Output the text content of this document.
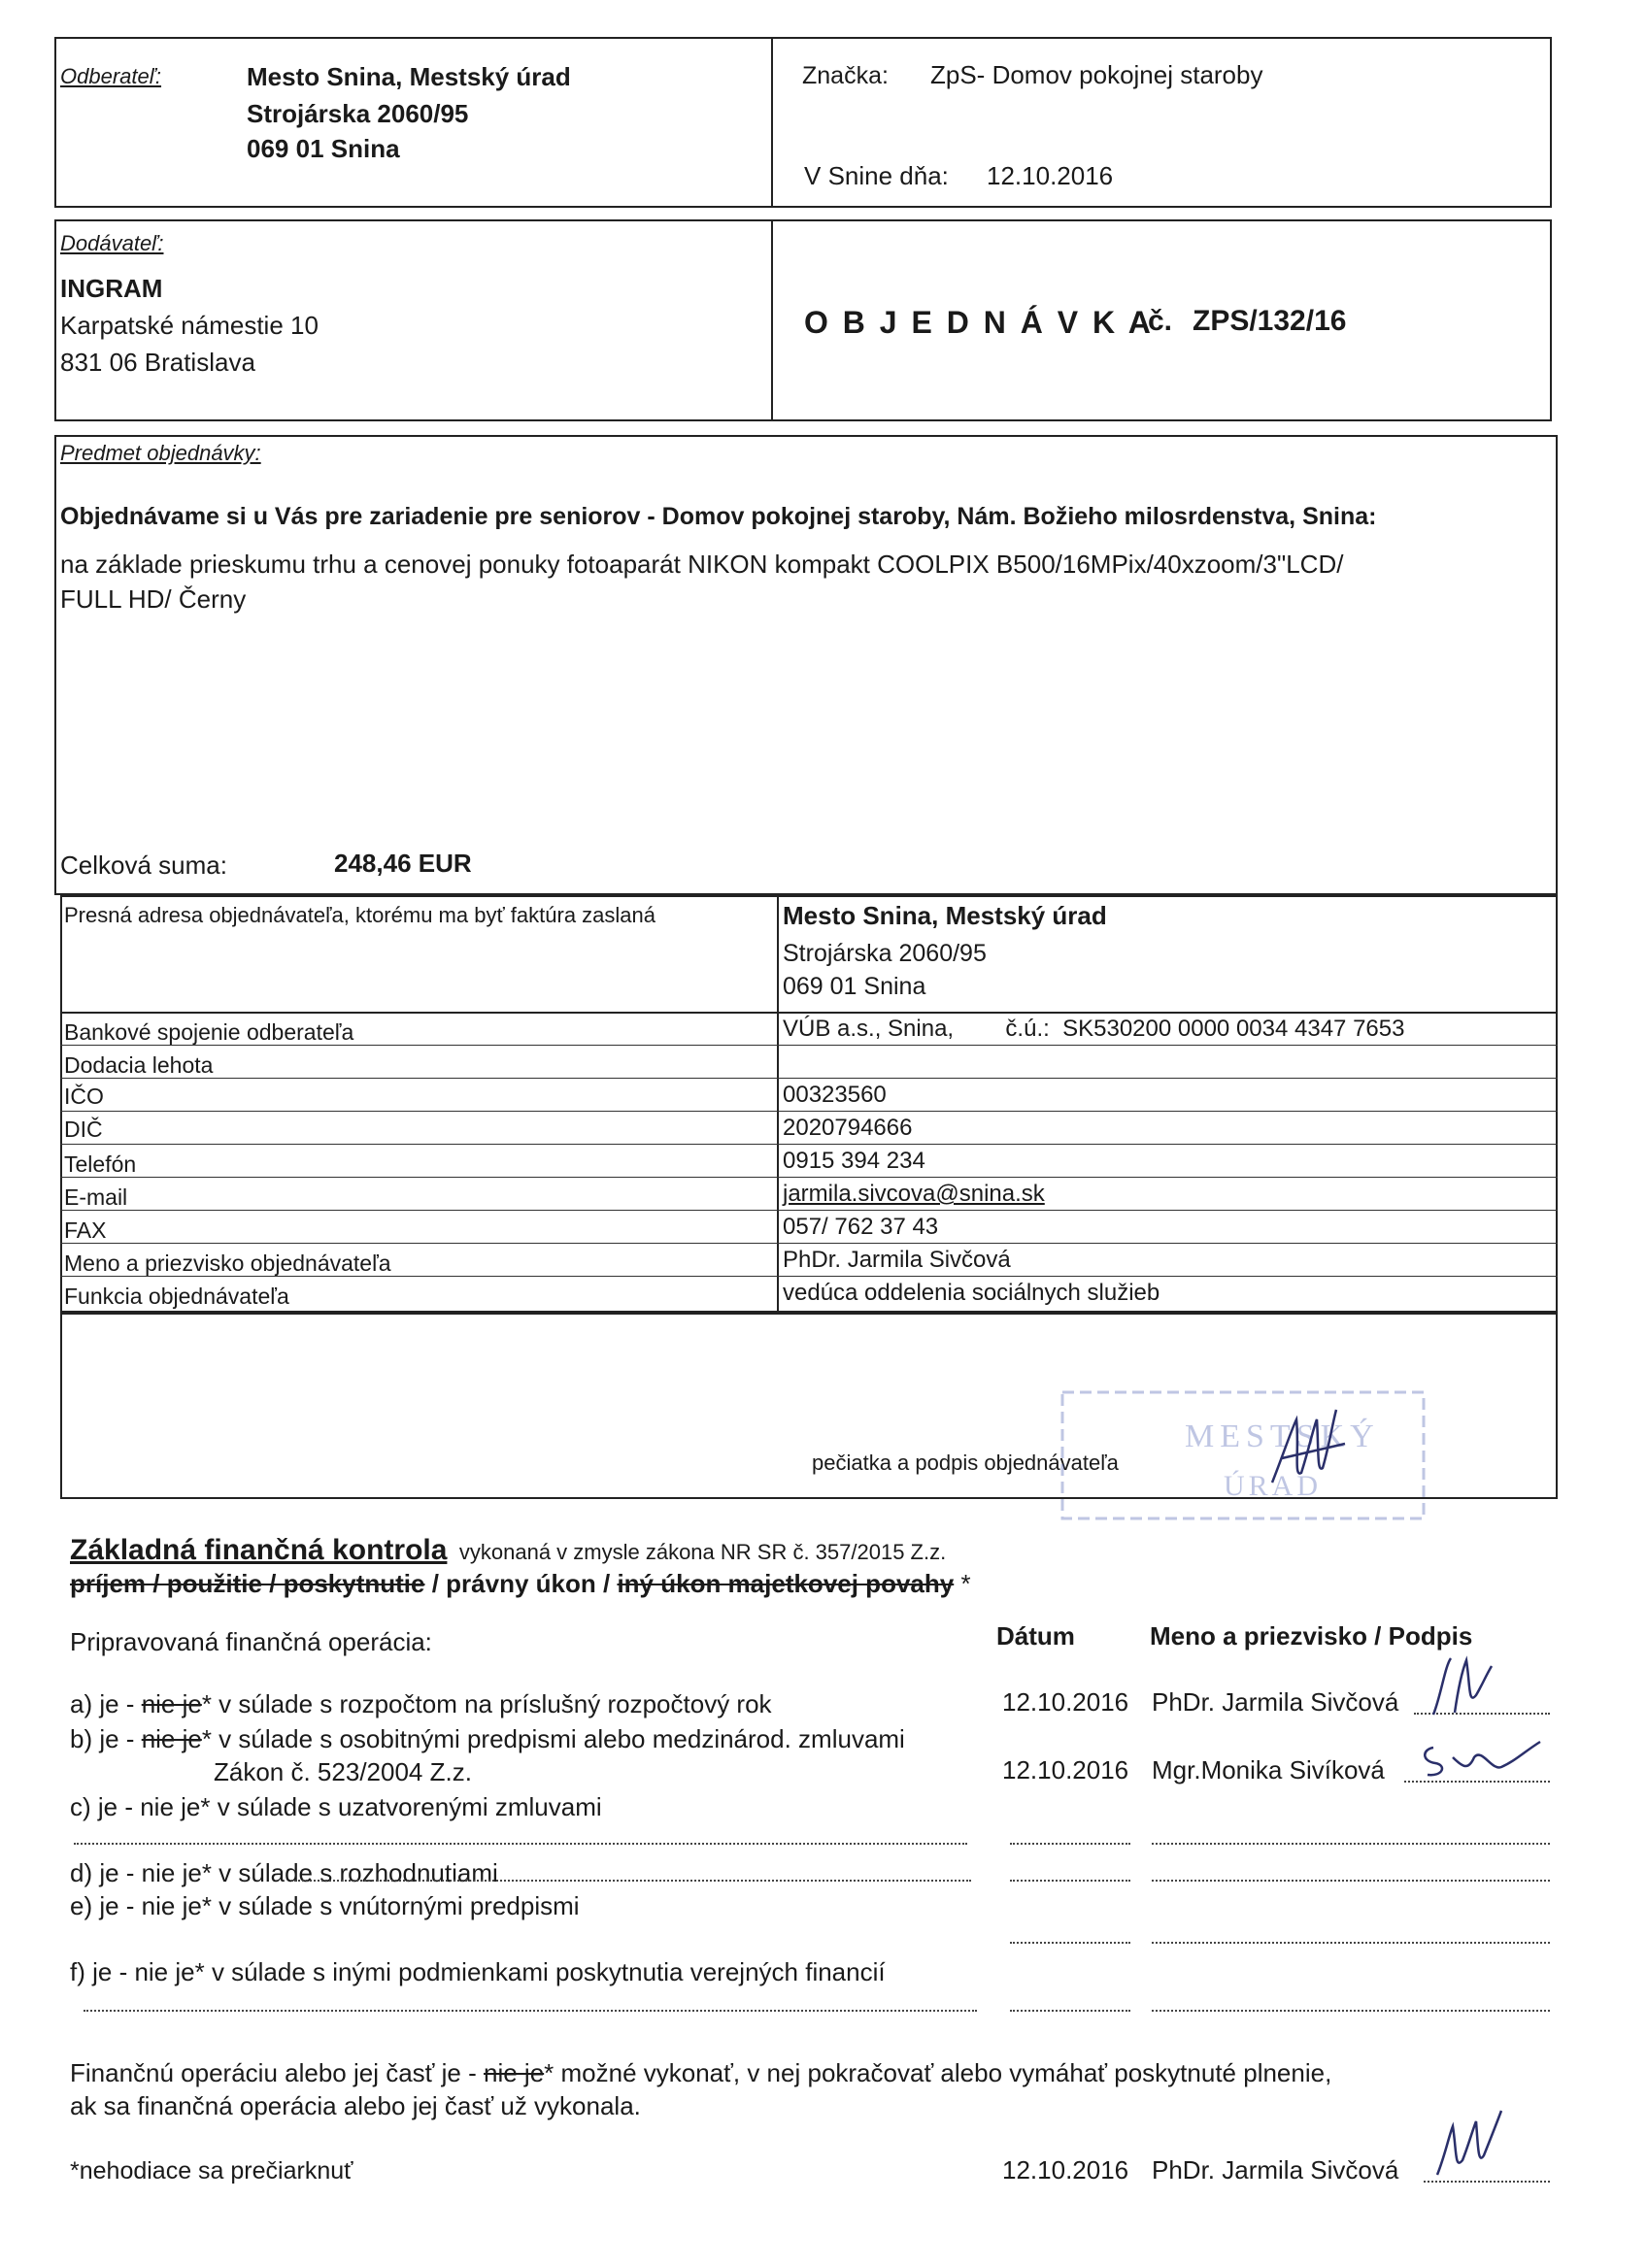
Odberateľ:	Mesto Snina, Mestský úrad
Strojárska 2060/95
069 01 Snina
Značka: ZpS- Domov pokojnej staroby
V Snine dňa: 12.10.2016
Dodávateľ:
INGRAM
Karpatské námestie 10
831 06 Bratislava
O B J E D N Á V K A
č. ZPS/132/16
Predmet objednávky:
Objednávame si u Vás pre zariadenie pre seniorov - Domov pokojnej staroby, Nám. Božieho milosrdenstva, Snina:
na základe prieskumu trhu a cenovej ponuky fotoaparát NIKON kompakt COOLPIX B500/16MPix/40xzoom/3"LCD/
FULL HD/ Černy
Celková suma:	248,46 EUR
Presná adresa objednávateľa, ktorému ma byť faktúra zaslaná	Mesto Snina, Mestský úrad
Strojárska 2060/95
069 01 Snina
Bankové spojenie odberateľa	VÚB a.s., Snina,        č.ú.:  SK530200 0000 0034 4347 7653
Dodacia lehota
IČO	00323560
DIČ	2020794666
Telefón	0915 394 234
E-mail	jarmila.sivcova@snina.sk
FAX	057/ 762 37 43
Meno a priezvisko objednávateľa	PhDr. Jarmila Sivčová
Funkcia objednávateľa	vedúca oddelenia sociálnych služieb
pečiatka a podpis objednávateľa
MESTSKÝ
ÚRAD
Základná finančná kontrola vykonaná v zmysle zákona NR SR č. 357/2015 Z.z.
príjem / použitie / poskytnutie / právny úkon / iný úkon majetkovej povahy *
Pripravovaná finančná operácia:	Dátum	Meno a priezvisko / Podpis
a) je - nie je* v súlade s rozpočtom na príslušný rozpočtový rok	12.10.2016 PhDr. Jarmila Sivčová
b) je - nie je* v súlade s osobitnými predpismi alebo medzinárod. zmluvami
Zákon č. 523/2004 Z.z.	12.10.2016 Mgr.Monika Sivíková
c) je - nie je* v súlade s uzatvorenými zmluvami
d) je - nie je* v súlade s rozhodnutiami
e) je - nie je* v súlade s vnútornými predpismi
f) je - nie je* v súlade s inými podmienkami poskytnutia verejných financií
Finančnú operáciu alebo jej časť je - nie je* možné vykonať, v nej pokračovať alebo vymáhať poskytnuté plnenie,
ak sa finančná operácia alebo jej časť už vykonala.
*nehodiace sa prečiarknuť	12.10.2016 PhDr. Jarmila Sivčová
